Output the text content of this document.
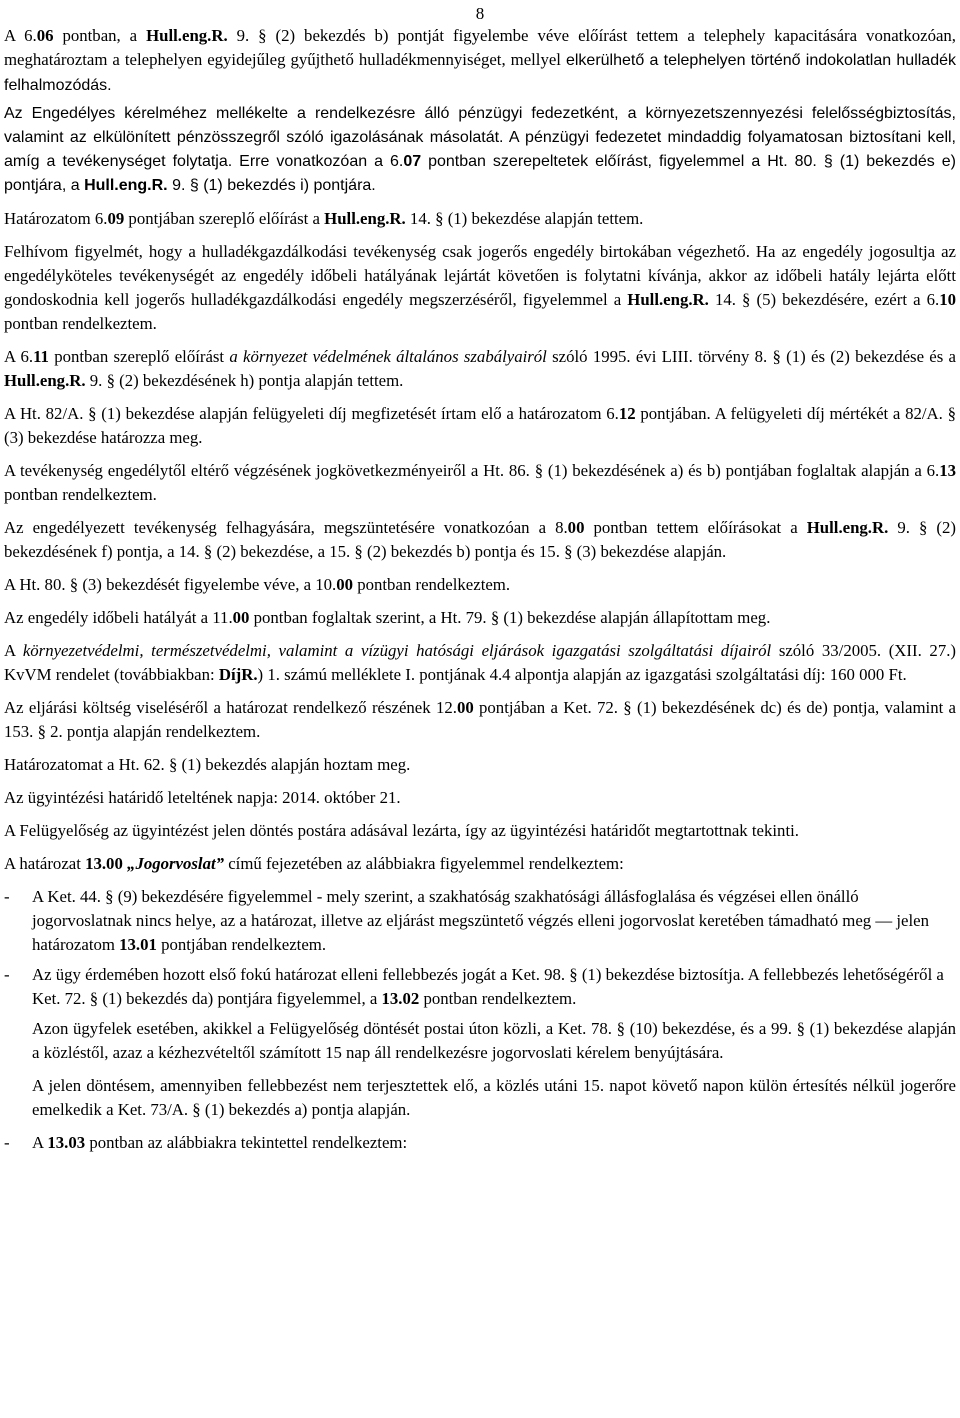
8

A 6.06 pontban, a Hull.eng.R. 9. § (2) bekezdés b) pontját figyelembe véve előírást tettem a telephely kapacitására vonatkozóan, meghatároztam a telephelyen egyidejűleg gyűjthető hulladékmennyiséget, mellyel elkerülhető a telephelyen történő indokolatlan hulladék felhalmozódás.

Az Engedélyes kérelméhez mellékelte a rendelkezésre álló pénzügyi fedezetként, a környezetszennyezési felelősségbiztosítás, valamint az elkülönített pénzösszegről szóló igazolásának másolatát. A pénzügyi fedezetet mindaddig folyamatosan biztosítani kell, amíg a tevékenységet folytatja. Erre vonatkozóan a 6.07 pontban szerepeltetek előírást, figyelemmel a Ht. 80. § (1) bekezdés e) pontjára, a Hull.eng.R. 9. § (1) bekezdés i) pontjára.

Határozatom 6.09 pontjában szereplő előírást a Hull.eng.R. 14. § (1) bekezdése alapján tettem.

Felhívom figyelmét, hogy a hulladékgazdálkodási tevékenység csak jogerős engedély birtokában végezhető. Ha az engedély jogosultja az engedélyköteles tevékenységét az engedély időbeli hatályának lejártát követően is folytatni kívánja, akkor az időbeli hatály lejárta előtt gondoskodnia kell jogerős hulladékgazdálkodási engedély megszerzéséről, figyelemmel a Hull.eng.R. 14. § (5) bekezdésére, ezért a 6.10 pontban rendelkeztem.

A 6.11 pontban szereplő előírást a környezet védelmének általános szabályairól szóló 1995. évi LIII. törvény 8. § (1) és (2) bekezdése és a Hull.eng.R. 9. § (2) bekezdésének h) pontja alapján tettem.

A Ht. 82/A. § (1) bekezdése alapján felügyeleti díj megfizetését írtam elő a határozatom 6.12 pontjában. A felügyeleti díj mértékét a 82/A. § (3) bekezdése határozza meg.

A tevékenység engedélytől eltérő végzésének jogkövetkezményeiről a Ht. 86. § (1) bekezdésének a) és b) pontjában foglaltak alapján a 6.13 pontban rendelkeztem.

Az engedélyezett tevékenység felhagyására, megszüntetésére vonatkozóan a 8.00 pontban tettem előírásokat a Hull.eng.R. 9. § (2) bekezdésének f) pontja, a 14. § (2) bekezdése, a 15. § (2) bekezdés b) pontja és 15. § (3) bekezdése alapján.

A Ht. 80. § (3) bekezdését figyelembe véve, a 10.00 pontban rendelkeztem.

Az engedély időbeli hatályát a 11.00 pontban foglaltak szerint, a Ht. 79. § (1) bekezdése alapján állapítottam meg.

A környezetvédelmi, természetvédelmi, valamint a vízügyi hatósági eljárások igazgatási szolgáltatási díjairól szóló 33/2005. (XII. 27.) KvVM rendelet (továbbiakban: DíjR.) 1. számú melléklete I. pontjának 4.4 alpontja alapján az igazgatási szolgáltatási díj: 160 000 Ft.

Az eljárási költség viseléséről a határozat rendelkező részének 12.00 pontjában a Ket. 72. § (1) bekezdésének dc) és de) pontja, valamint a 153. § 2. pontja alapján rendelkeztem.

Határozatomat a Ht. 62. § (1) bekezdés alapján hoztam meg.

Az ügyintézési határidő leteltének napja: 2014. október 21.

A Felügyelőség az ügyintézést jelen döntés postára adásával lezárta, így az ügyintézési határidőt megtartottnak tekinti.

A határozat 13.00 „Jogorvoslat” című fejezetében az alábbiakra figyelemmel rendelkeztem:

- A Ket. 44. § (9) bekezdésére figyelemmel - mely szerint, a szakhatóság szakhatósági állásfoglalása és végzései ellen önálló jogorvoslatnak nincs helye, az a határozat, illetve az eljárást megszüntető végzés elleni jogorvoslat keretében támadható meg — jelen határozatom 13.01 pontjában rendelkeztem.
- Az ügy érdemében hozott első fokú határozat elleni fellebbezés jogát a Ket. 98. § (1) bekezdése biztosítja. A fellebbezés lehetőségéről a Ket. 72. § (1) bekezdés da) pontjára figyelemmel, a 13.02 pontban rendelkeztem.

Azon ügyfelek esetében, akikkel a Felügyelőség döntését postai úton közli, a Ket. 78. § (10) bekezdése, és a 99. § (1) bekezdése alapján a közléstől, azaz a kézhezvételtől számított 15 nap áll rendelkezésre jogorvoslati kérelem benyújtására.

A jelen döntésem, amennyiben fellebbezést nem terjesztettek elő, a közlés utáni 15. napot követő napon külön értesítés nélkül jogerőre emelkedik a Ket. 73/A. § (1) bekezdés a) pontja alapján.

- A 13.03 pontban az alábbiakra tekintettel rendelkeztem:
